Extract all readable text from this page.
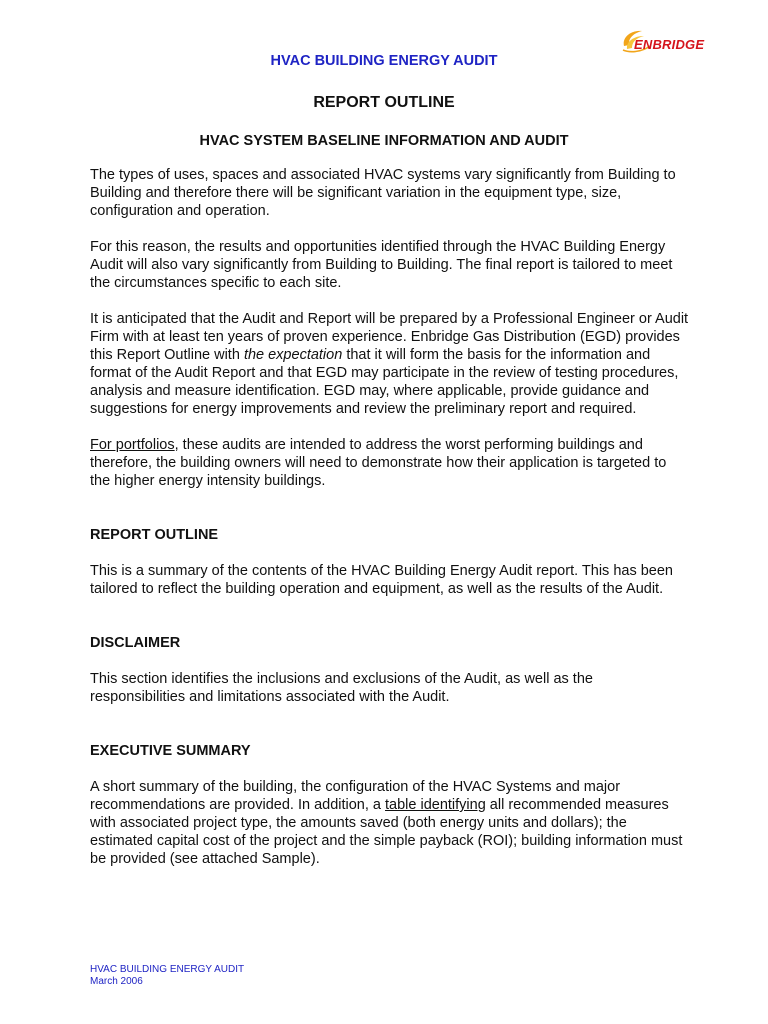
ENBRIDGE
HVAC BUILDING ENERGY AUDIT
REPORT OUTLINE
HVAC SYSTEM BASELINE INFORMATION AND AUDIT

The types of uses, spaces and associated HVAC systems vary significantly from Building to Building and therefore there will be significant variation in the equipment type, size, configuration and operation.

For this reason, the results and opportunities identified through the HVAC Building Energy Audit will also vary significantly from Building to Building. The final report is tailored to meet the circumstances specific to each site.

It is anticipated that the Audit and Report will be prepared by a Professional Engineer or Audit Firm with at least ten years of proven experience. Enbridge Gas Distribution (EGD) provides this Report Outline with the expectation that it will form the basis for the information and format of the Audit Report and that EGD may participate in the review of testing procedures, analysis and measure identification. EGD may, where applicable, provide guidance and suggestions for energy improvements and review the preliminary report and required.

For portfolios, these audits are intended to address the worst performing buildings and therefore, the building owners will need to demonstrate how their application is targeted to the higher energy intensity buildings.

REPORT OUTLINE

This is a summary of the contents of the HVAC Building Energy Audit report. This has been tailored to reflect the building operation and equipment, as well as the results of the Audit.

DISCLAIMER

This section identifies the inclusions and exclusions of the Audit, as well as the responsibilities and limitations associated with the Audit.

EXECUTIVE SUMMARY

A short summary of the building, the configuration of the HVAC Systems and major recommendations are provided. In addition, a table identifying all recommended measures with associated project type, the amounts saved (both energy units and dollars); the estimated capital cost of the project and the simple payback (ROI); building information must be provided (see attached Sample).

HVAC BUILDING ENERGY AUDIT
March 2006
